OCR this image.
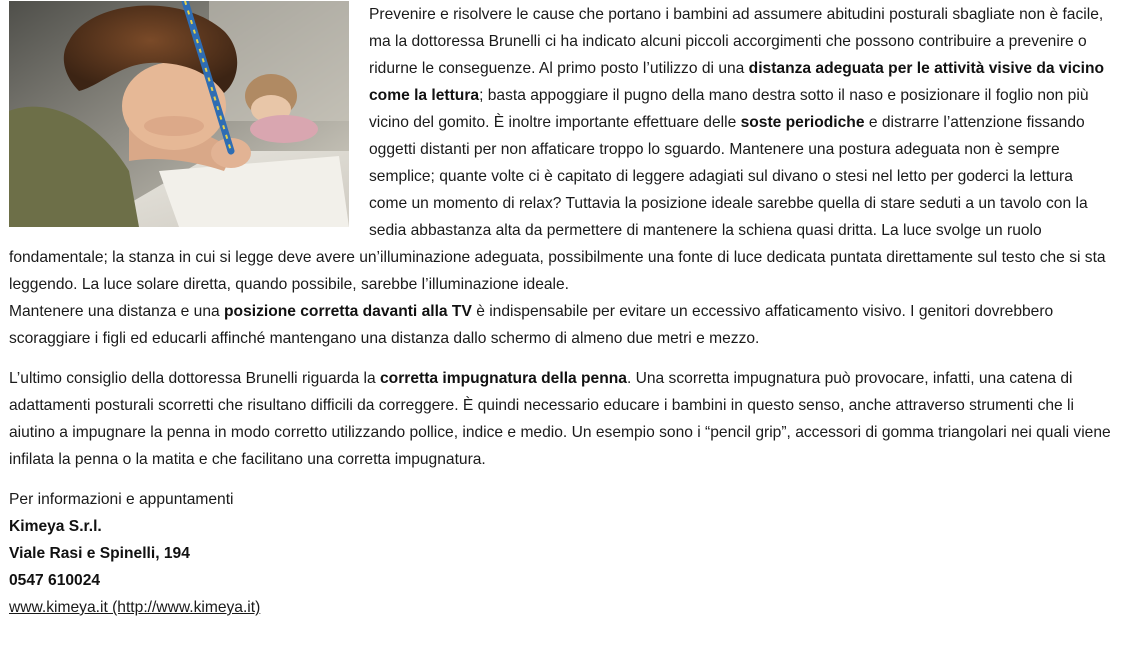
Prevenire e risolvere le cause che portano i bambini ad assumere abitudini posturali sbagliate non è facile, ma la dottoressa Brunelli ci ha indicato alcuni piccoli accorgimenti che possono contribuire a prevenire o ridurne le conseguenze. Al primo posto l’utilizzo di una distanza adeguata per le attività visive da vicino come la lettura; basta appoggiare il pugno della mano destra sotto il naso e posizionare il foglio non più vicino del gomito. È inoltre importante effettuare delle soste periodiche e distrarre l’attenzione fissando oggetti distanti per non affaticare troppo lo sguardo. Mantenere una postura adeguata non è sempre semplice; quante volte ci è capitato di leggere adagiati sul divano o stesi nel letto per goderci la lettura come un momento di relax? Tuttavia la posizione ideale sarebbe quella di stare seduti a un tavolo con la sedia abbastanza alta da permettere di mantenere la schiena quasi dritta. La luce svolge un ruolo fondamentale; la stanza in cui si legge deve avere un’illuminazione adeguata, possibilmente una fonte di luce dedicata puntata direttamente sul testo che si sta leggendo. La luce solare diretta, quando possibile, sarebbe l’illuminazione ideale.

Mantenere una distanza e una posizione corretta davanti alla TV è indispensabile per evitare un eccessivo affaticamento visivo. I genitori dovrebbero scoraggiare i figli ed educarli affinché mantengano una distanza dallo schermo di almeno due metri e mezzo.

L’ultimo consiglio della dottoressa Brunelli riguarda la corretta impugnatura della penna. Una scorretta impugnatura può provocare, infatti, una catena di adattamenti posturali scorretti che risultano difficili da correggere. È quindi necessario educare i bambini in questo senso, anche attraverso strumenti che li aiutino a impugnare la penna in modo corretto utilizzando pollice, indice e medio. Un esempio sono i “pencil grip”, accessori di gomma triangolari nei quali viene infilata la penna o la matita e che facilitano una corretta impugnatura.

Per informazioni e appuntamenti
Kimeya S.r.l.
Viale Rasi e Spinelli, 194
0547 610024
www.kimeya.it (http://www.kimeya.it)
